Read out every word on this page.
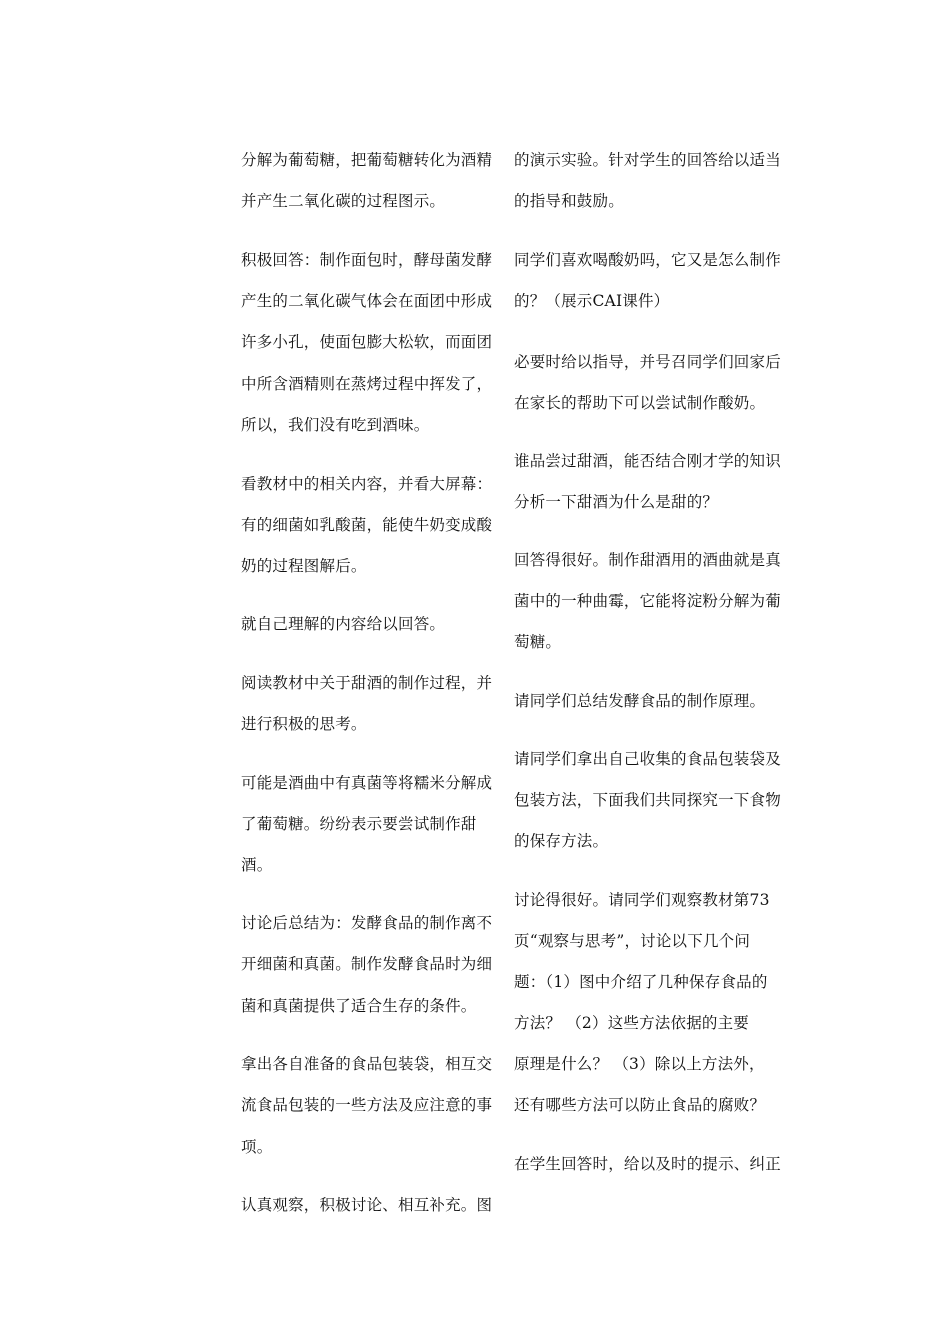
分解为葡萄糖，把葡萄糖转化为酒精
并产生二氧化碳的过程图示。
积极回答：制作面包时，酵母菌发酵
产生的二氧化碳气体会在面团中形成
许多小孔，使面包膨大松软，而面团
中所含酒精则在蒸烤过程中挥发了，
所以，我们没有吃到酒味。
看教材中的相关内容，并看大屏幕：
有的细菌如乳酸菌，能使牛奶变成酸
奶的过程图解后。
就自己理解的内容给以回答。
阅读教材中关于甜酒的制作过程，并
进行积极的思考。
可能是酒曲中有真菌等将糯米分解成
了葡萄糖。纷纷表示要尝试制作甜
酒。
讨论后总结为：发酵食品的制作离不
开细菌和真菌。制作发酵食品时为细
菌和真菌提供了适合生存的条件。
拿出各自准备的食品包装袋，相互交
流食品包装的一些方法及应注意的事
项。
认真观察，积极讨论、相互补充。图
的演示实验。针对学生的回答给以适当
的指导和鼓励。
同学们喜欢喝酸奶吗，它又是怎么制作
的？（展示CAI课件）
必要时给以指导，并号召同学们回家后
在家长的帮助下可以尝试制作酸奶。
谁品尝过甜酒，能否结合刚才学的知识
分析一下甜酒为什么是甜的？
回答得很好。制作甜酒用的酒曲就是真
菌中的一种曲霉，它能将淀粉分解为葡
萄糖。
请同学们总结发酵食品的制作原理。
请同学们拿出自己收集的食品包装袋及
包装方法，下面我们共同探究一下食物
的保存方法。
讨论得很好。请同学们观察教材第73
页“观察与思考”，讨论以下几个问
题：（1）图中介绍了几种保存食品的
方法？ （2）这些方法依据的主要
原理是什么？ （3）除以上方法外，
还有哪些方法可以防止食品的腐败？
在学生回答时，给以及时的提示、纠正
